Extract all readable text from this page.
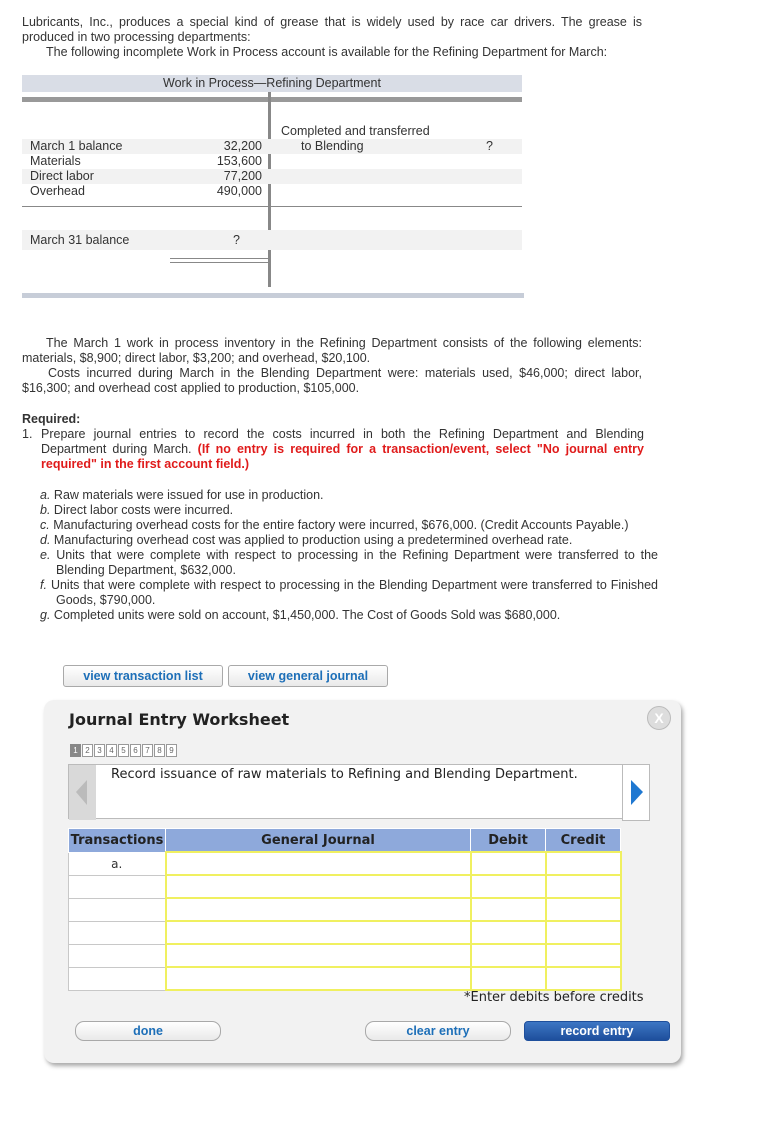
Lubricants, Inc., produces a special kind of grease that is widely used by race car drivers. The grease is produced in two processing departments:
The following incomplete Work in Process account is available for the Refining Department for March:
Work in Process—Refining Department
March 1 balance	32,200
Materials	153,600
Direct labor	77,200
Overhead	490,000
Completed and transferred
to Blending	?
March 31 balance	?
The March 1 work in process inventory in the Refining Department consists of the following elements: materials, $8,900; direct labor, $3,200; and overhead, $20,100.
Costs incurred during March in the Blending Department were: materials used, $46,000; direct labor, $16,300; and overhead cost applied to production, $105,000.
Required:
1. Prepare journal entries to record the costs incurred in both the Refining Department and Blending Department during March. (If no entry is required for a transaction/event, select "No journal entry required" in the first account field.)

a. Raw materials were issued for use in production.

b. Direct labor costs were incurred.

c. Manufacturing overhead costs for the entire factory were incurred, $676,000. (Credit Accounts Payable.)

d. Manufacturing overhead cost was applied to production using a predetermined overhead rate.

e. Units that were complete with respect to processing in the Refining Department were transferred to the Blending Department, $632,000.

f. Units that were complete with respect to processing in the Blending Department were transferred to Finished Goods, $790,000.

g. Completed units were sold on account, $1,450,000. The Cost of Goods Sold was $680,000.

view transaction list	view general journal
Journal Entry Worksheet	X
1 2 3 4 5 6 7 8 9
Record issuance of raw materials to Refining and Blending Department.
Transactions	General Journal	Debit	Credit
a.			

*Enter debits before credits
done	clear entry	record entry
